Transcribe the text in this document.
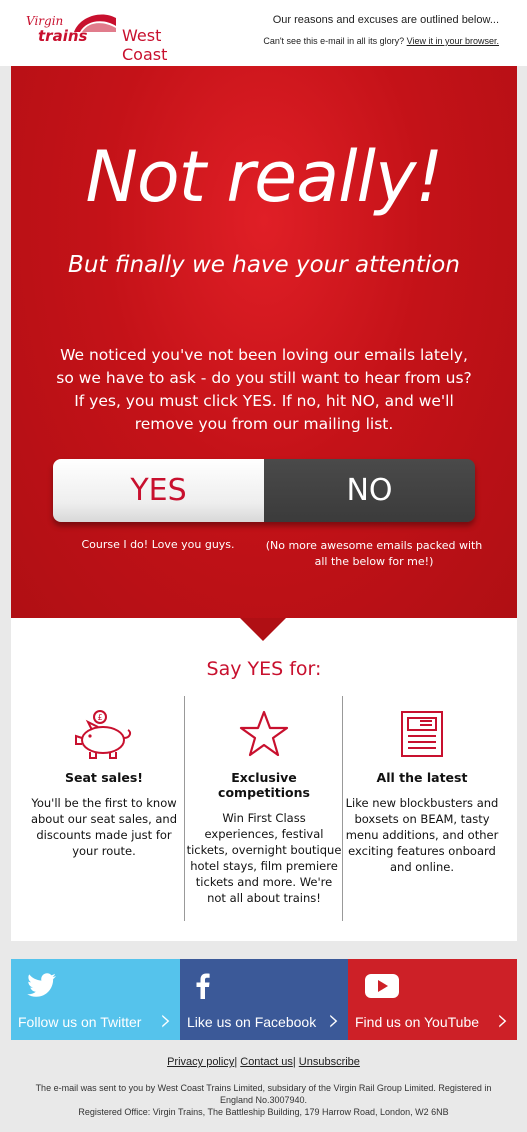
Virgin
trains West Coast
Our reasons and excuses are outlined below...
Can't see this e-mail in all its glory? View it in your browser.
Not really!
But finally we have your attention
We noticed you've not been loving our emails lately, so we have to ask - do you still want to hear from us? If yes, you must click YES. If no, hit NO, and we'll remove you from our mailing list.
YES	NO
Course I do! Love you guys.	(No more awesome emails packed with all the below for me!)
Say YES for:
£
Seat sales!

You'll be the first to know about our seat sales, and discounts made just for your route.

Exclusive competitions

Win First Class experiences, festival tickets, overnight boutique hotel stays, film premiere tickets and more. We're not all about trains!

All the latest

Like new blockbusters and boxsets on BEAM, tasty menu additions, and other exciting features onboard and online.

Follow us on Twitter › Like us on Facebook › Find us on YouTube ›
Privacy policy| Contact us| Unsubscribe
The e-mail was sent to you by West Coast Trains Limited, subsidary of the Virgin Rail Group Limited. Registered in England No.3007940.
Registered Office: Virgin Trains, The Battleship Building, 179 Harrow Road, London, W2 6NB
